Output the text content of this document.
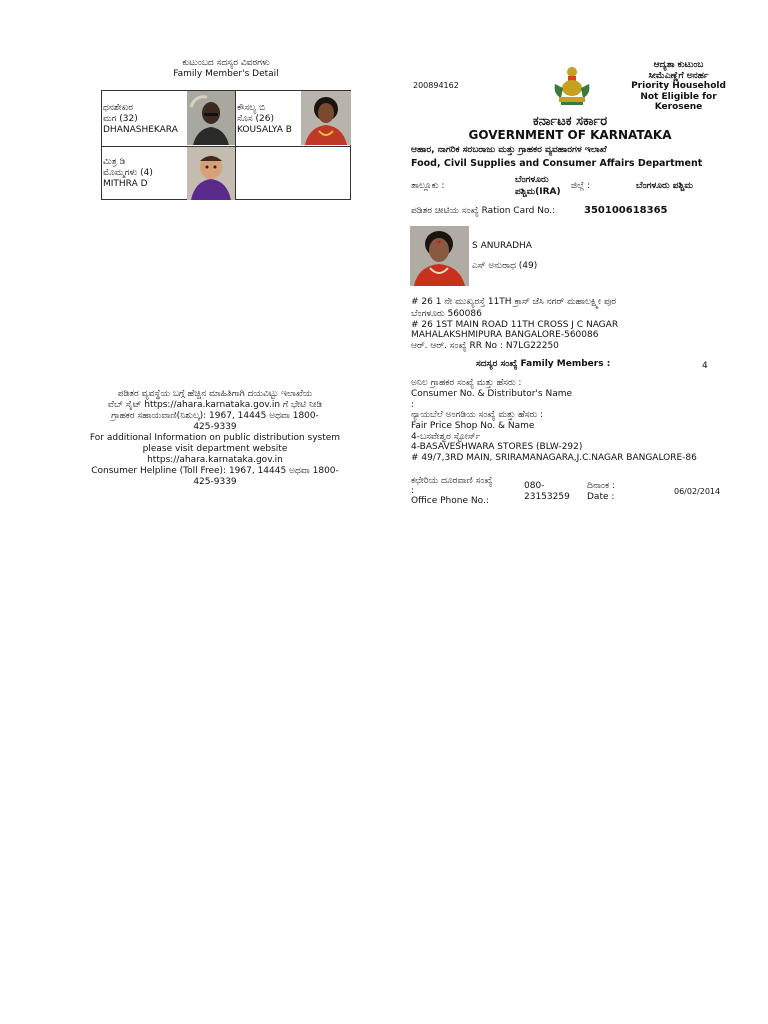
ಕುಟುಂಬದ ಸದಸ್ಯರ ವಿವರಗಳು
Family Member's Detail
ಧನಶೇಖರ
ಮಗ (32)
DHANASHEKARA
ಕೌಸಲ್ಯ ಬಿ
ಸೊಸ (26)
KOUSALYA B
ಮಿತ್ರ ಡಿ
ಮೊಮ್ಮಗಳು (4)
MITHRA D
ಪಡಿತರ ವ್ಯವಸ್ಥೆಯ ಬಗ್ಗೆ ಹೆಚ್ಚಿನ ಮಾಹಿತಿಗಾಗಿ ದಯವಿಟ್ಟು ಇಲಾಖೆಯ
ವೆಬ್ ಸೈಟ್ https://ahara.karnataka.gov.in ಗೆ ಭೇಟಿ ನೀಡಿ
ಗ್ರಾಹಕರ ಸಹಾಯವಾಣಿ(ನಿಶುಲ್ಕ): 1967, 14445 ಅಥವಾ 1800-
425-9339
For additional Information on public distribution system
please visit department website
https://ahara.karnataka.gov.in
Consumer Helpline (Toll Free): 1967, 14445 ಅಥವಾ 1800-
425-9339
200894162
ಆದ್ಯತಾ ಕುಟುಂಬ
ಸೀಮೆಎಣ್ಣೆಗೆ ಅನರ್ಹ
Priority Household
Not Eligible for
Kerosene
ಕರ್ನಾಟಕ ಸರ್ಕಾರ
GOVERNMENT OF KARNATAKA
ಆಹಾರ, ನಾಗರಿಕ ಸರಬರಾಜು ಮತ್ತು ಗ್ರಾಹಕರ ವ್ಯವಹಾರಗಳ ಇಲಾಖೆ
Food, Civil Supplies and Consumer Affairs Department
ತಾಲ್ಲೂಕು :
ಬೆಂಗಳೂರು
ಪಶ್ಚಿಮ(IRA)
ಜಿಲ್ಲೆ :	ಬೆಂಗಳೂರು ಪಶ್ಚಿಮ
ಪಡಿತರ ಚೀಟಿಯ ಸಂಖ್ಯೆ Ration Card No.:	350100618365
S ANURADHA
ಎಸ್ ಅನುರಾಧ (49)
# 26 1 ನೇ ಮುಖ್ಯರಸ್ತೆ 11TH ಕ್ರಾಸ್ ಜೆಸಿ ನಗರ್ ಮಹಾಲಕ್ಷ್ಮೀ ಪುರ
ಬೆಂಗಳೂರು 560086
# 26 1ST MAIN ROAD 11TH CROSS J C NAGAR
MAHALAKSHMIPURA BANGALORE-560086
ಆರ್. ಆರ್. ಸಂಖ್ಯೆ RR No : N7LG22250
ಸದಸ್ಯರ ಸಂಖ್ಯೆ Family Members :	4
ಅನಿಲ ಗ್ರಾಹಕರ ಸಂಖ್ಯೆ ಮತ್ತು ಹೆಸರು :
Consumer No. & Distributor's Name
:
ನ್ಯಾಯಬೆಲೆ ಅಂಗಡಿಯ ಸಂಖ್ಯೆ ಮತ್ತು ಹೆಸರು :
Fair Price Shop No. & Name
4-ಬಸವೇಶ್ವರ ಸ್ಟೋರ್ಸ್
4-BASAVESHWARA STORES (BLW-292)
# 49/7,3RD MAIN, SRIRAMANAGARA,J.C.NAGAR BANGALORE-86
ಕಛೇರಿಯ ದೂರವಾಣಿ ಸಂಖ್ಯೆ
:
Office Phone No.:
080-
23153259
ದಿನಾಂಕ :
Date :
06/02/2014
